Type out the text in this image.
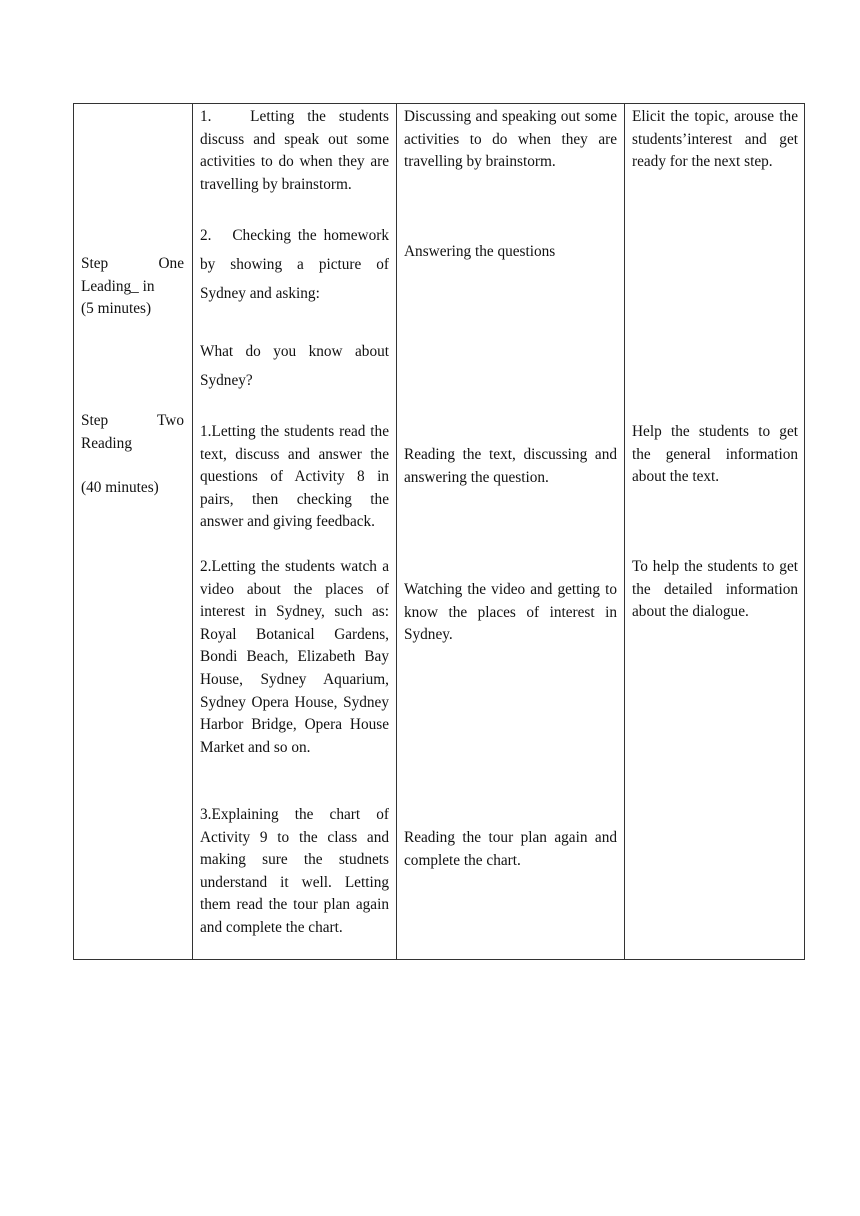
Step One
Leading_ in
(5 minutes)
Step Two
Reading
(40 minutes)

1.   Letting the students discuss and speak out some activities to do when they are travelling by brainstorm.

2.   Checking the homework by showing a picture of Sydney and asking:

What do you know about Sydney?

1.Letting the students read the text, discuss and answer the questions of Activity 8 in pairs, then checking the answer and giving feedback.

2.Letting the students watch a video about the places of interest in Sydney, such as: Royal Botanical Gardens, Bondi Beach, Elizabeth Bay House, Sydney Aquarium, Sydney Opera House, Sydney Harbor Bridge, Opera House Market and so on.

3.Explaining the chart of Activity 9 to the class and making sure the studnets understand it well. Letting them read the tour plan again and complete the chart.

Discussing and speaking out some activities to do when they are travelling by brainstorm.

Answering the questions

Reading the text, discussing and answering the question.

Watching the video and getting to know the places of interest in Sydney.

Reading the tour plan again and complete the chart.

Elicit the topic, arouse the students’interest and get ready for the next step.

Help the students to get the general information about the text.

To help the students to get the detailed information about the dialogue.
